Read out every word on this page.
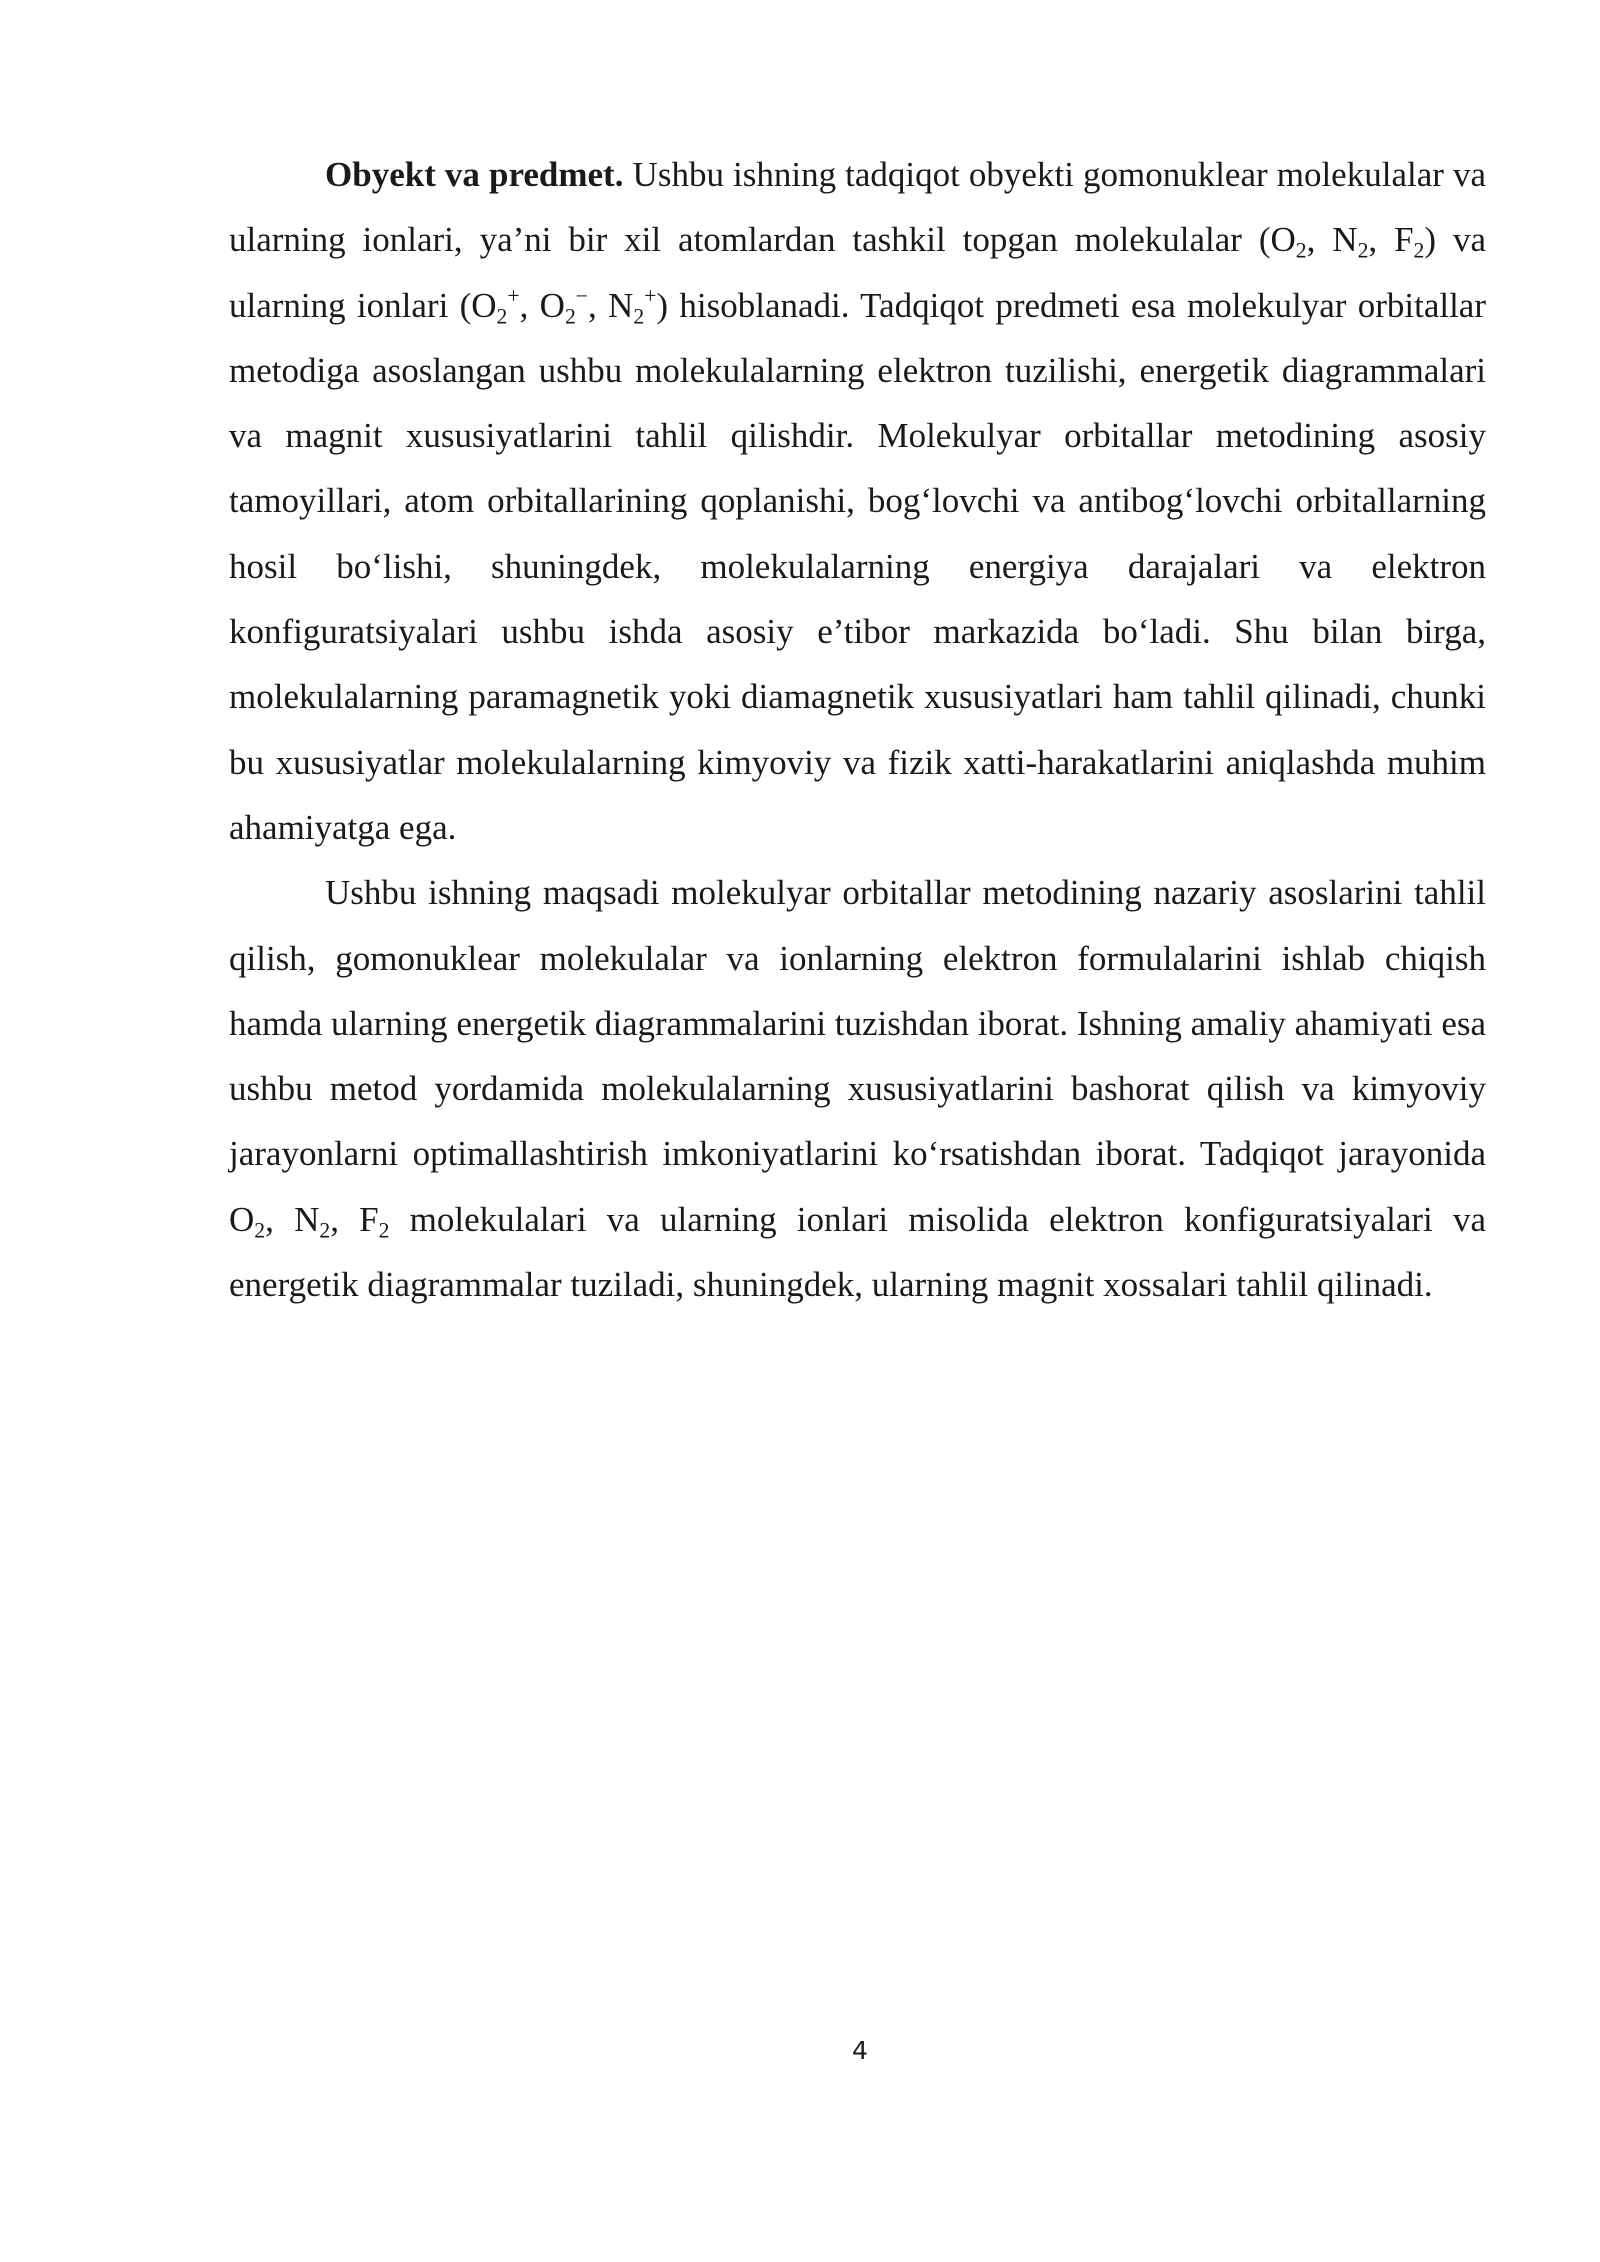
Obyekt va predmet. Ushbu ishning tadqiqot obyekti gomonuklear molekulalar va ularning ionlari, ya’ni bir xil atomlardan tashkil topgan molekulalar ($O_2$, $N_2$, $F_2$) va ularning ionlari ($O_2^+$, $O_2^-$, $N_2^+$) hisoblanadi. Tadqiqot predmeti esa molekulyar orbitallar metodiga asoslangan ushbu molekulalarning elektron tuzilishi, energetik diagrammalari va magnit xususiyatlarini tahlil qilishdir. Molekulyar orbitallar metodining asosiy tamoyillari, atom orbitallarining qoplanishi, bog‘lovchi va antibog‘lovchi orbitallarning hosil bo‘lishi, shuningdek, molekulalarning energiya darajalari va elektron konfiguratsiyalari ushbu ishda asosiy e’tibor markazida bo‘ladi. Shu bilan birga, molekulalarning paramagnetik yoki diamagnetik xususiyatlari ham tahlil qilinadi, chunki bu xususiyatlar molekulalarning kimyoviy va fizik xatti-harakatlarini aniqlashda muhim ahamiyatga ega.

Ushbu ishning maqsadi molekulyar orbitallar metodining nazariy asoslarini tahlil qilish, gomonuklear molekulalar va ionlarning elektron formulalarini ishlab chiqish hamda ularning energetik diagrammalarini tuzishdan iborat. Ishning amaliy ahamiyati esa ushbu metod yordamida molekulalarning xususiyatlarini bashorat qilish va kimyoviy jarayonlarni optimallashtirish imkoniyatlarini ko‘rsatishdan iborat. Tadqiqot jarayonida $O_2$, $N_2$, $F_2$ molekulalari va ularning ionlari misolida elektron konfiguratsiyalari va energetik diagrammalar tuziladi, shuningdek, ularning magnit xossalari tahlil qilinadi.

4
